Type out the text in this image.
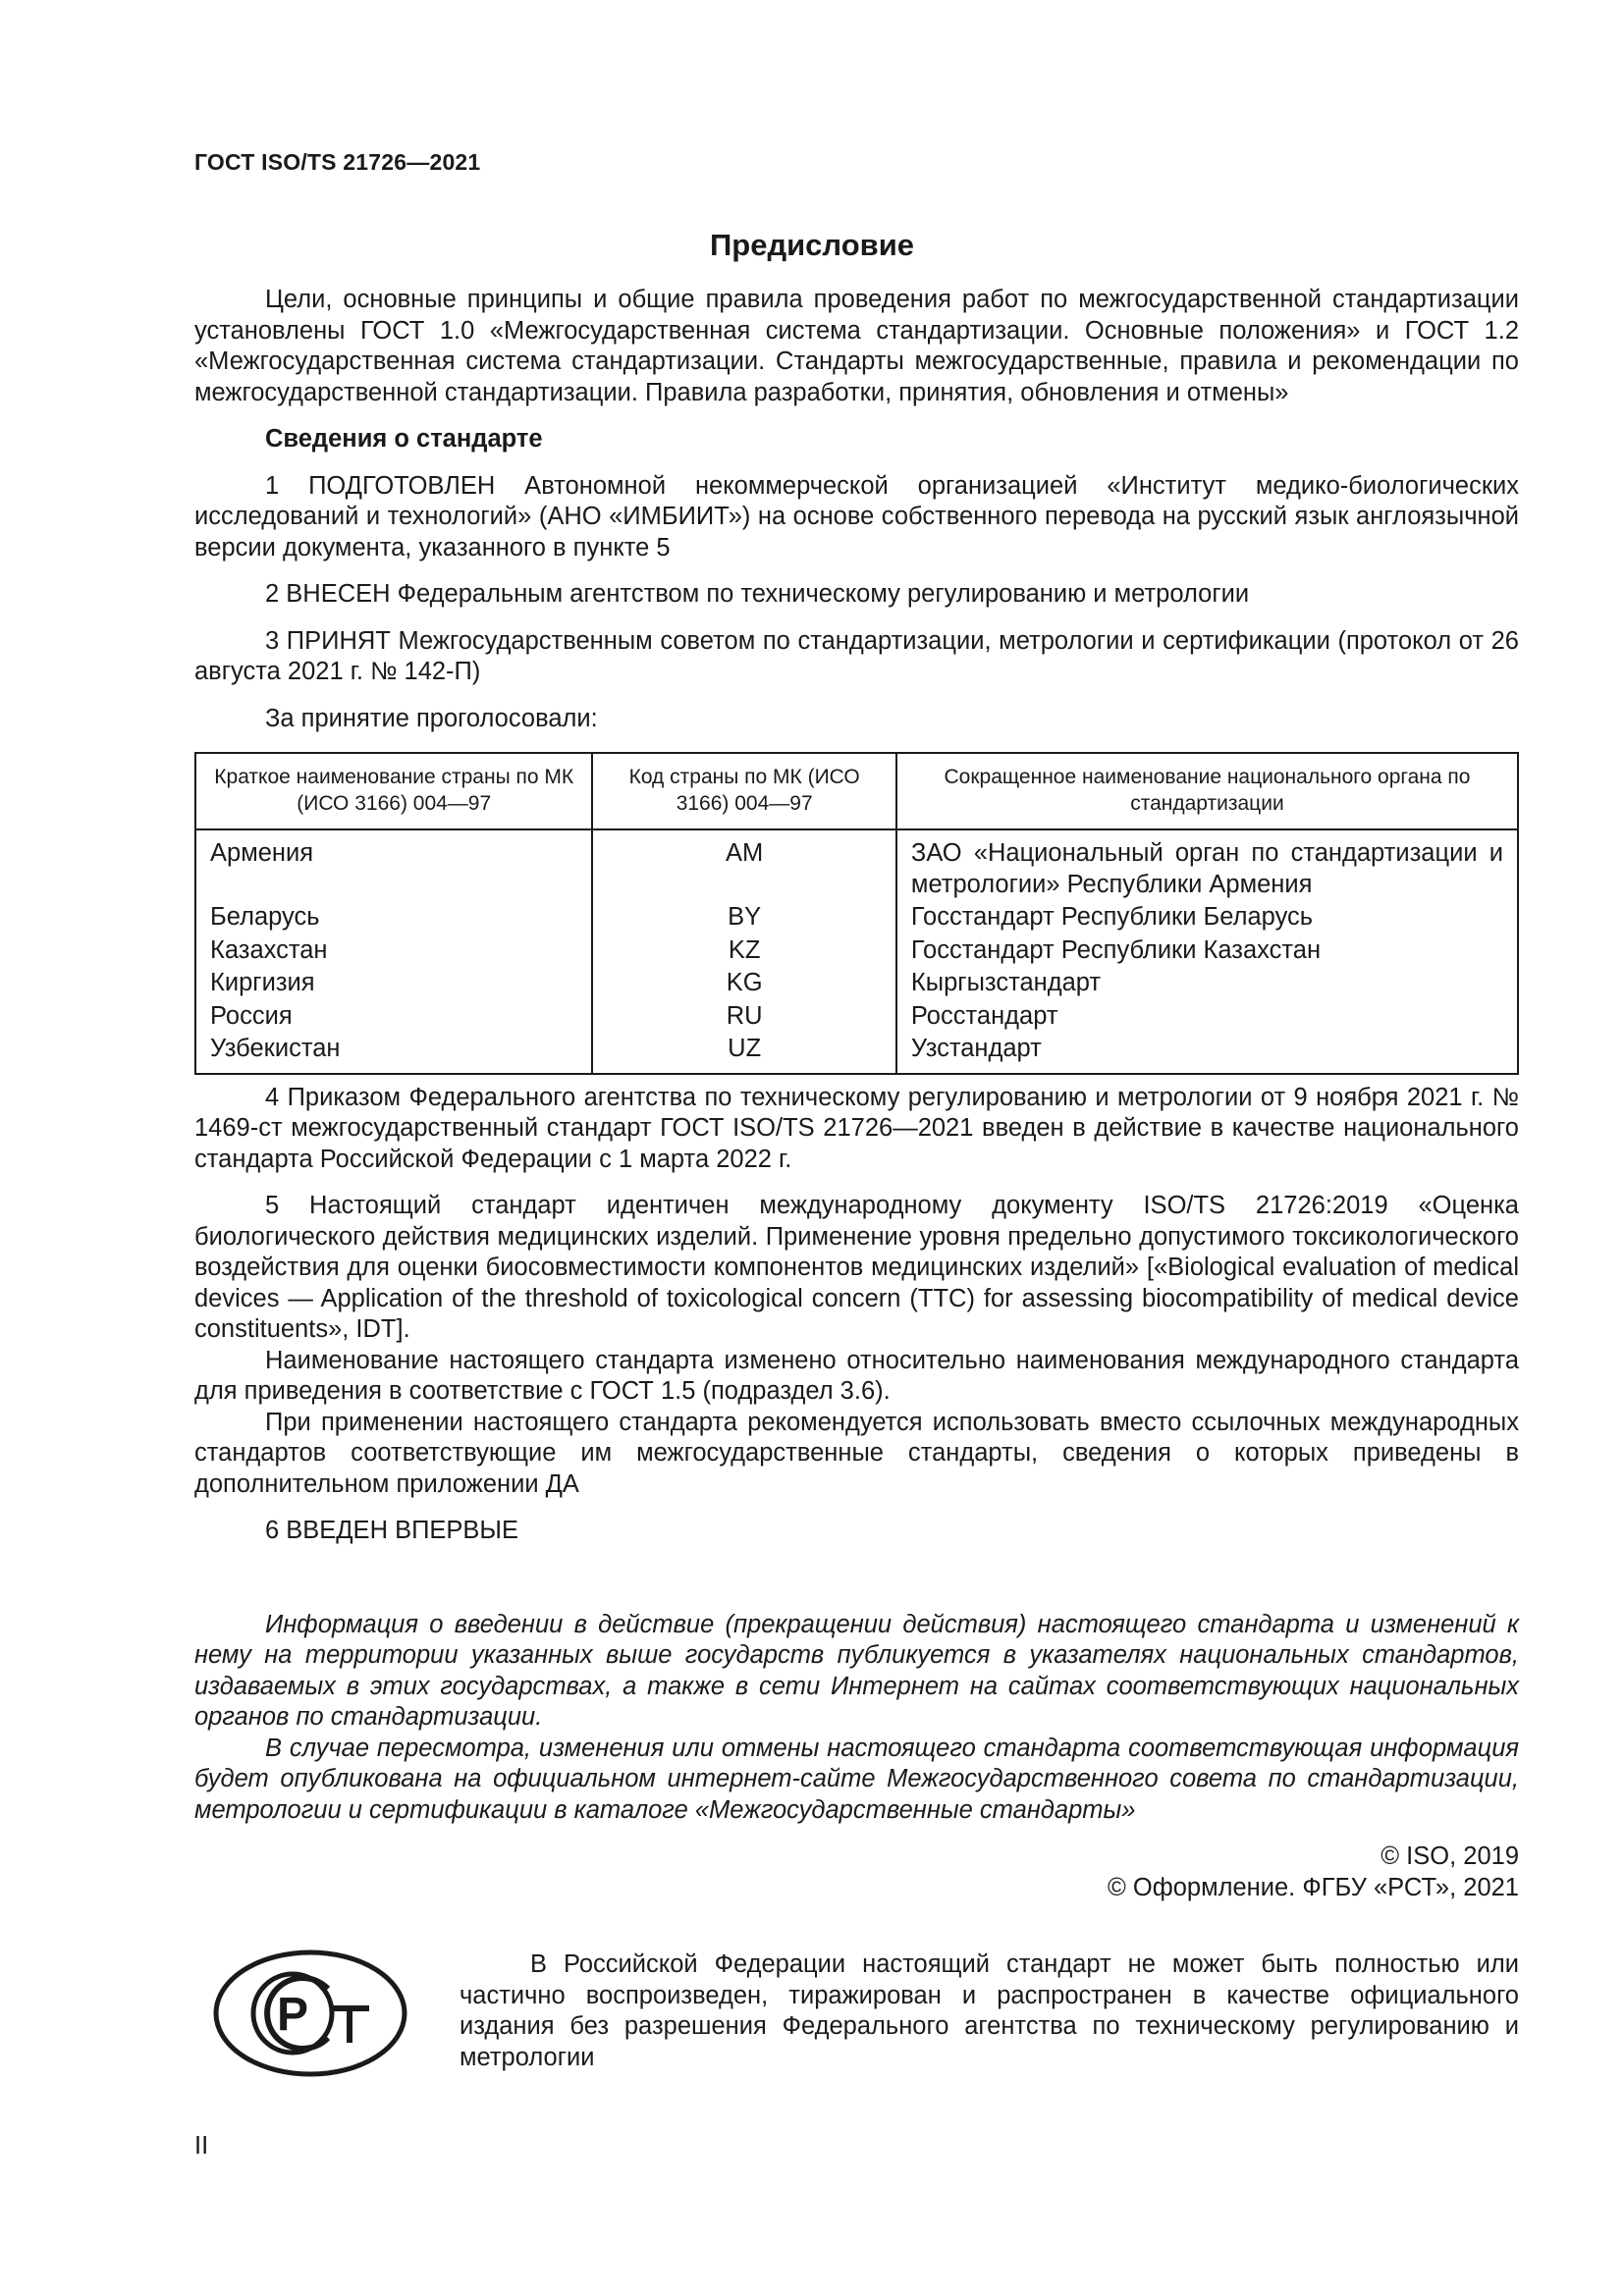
ГОСТ ISO/TS 21726—2021
Предисловие

Цели, основные принципы и общие правила проведения работ по межгосударственной стандартизации установлены ГОСТ 1.0 «Межгосударственная система стандартизации. Основные положения» и ГОСТ 1.2 «Межгосударственная система стандартизации. Стандарты межгосударственные, правила и рекомендации по межгосударственной стандартизации. Правила разработки, принятия, обновления и отмены»

Сведения о стандарте

1 ПОДГОТОВЛЕН Автономной некоммерческой организацией «Институт медико-биологических исследований и технологий» (АНО «ИМБИИТ») на основе собственного перевода на русский язык англоязычной версии документа, указанного в пункте 5

2 ВНЕСЕН Федеральным агентством по техническому регулированию и метрологии

3 ПРИНЯТ Межгосударственным советом по стандартизации, метрологии и сертификации (протокол от 26 августа 2021 г. № 142-П)

За принятие проголосовали:

Краткое наименование страны по МК (ИСО 3166) 004—97	Код страны по МК (ИСО 3166) 004—97	Сокращенное наименование национального органа по стандартизации
Армения	AM	ЗАО «Национальный орган по стандартизации и метрологии» Республики Армения
Беларусь	BY	Госстандарт Республики Беларусь
Казахстан	KZ	Госстандарт Республики Казахстан
Киргизия	KG	Кыргызстандарт
Россия	RU	Росстандарт
Узбекистан	UZ	Узстандарт

4 Приказом Федерального агентства по техническому регулированию и метрологии от 9 ноября 2021 г. № 1469-ст межгосударственный стандарт ГОСТ ISO/TS 21726—2021 введен в действие в качестве национального стандарта Российской Федерации с 1 марта 2022 г.

5 Настоящий стандарт идентичен международному документу ISO/TS 21726:2019 «Оценка биологического действия медицинских изделий. Применение уровня предельно допустимого токсикологического воздействия для оценки биосовместимости компонентов медицинских изделий» [«Biological evaluation of medical devices — Application of the threshold of toxicological concern (TTC) for assessing biocompatibility of medical device constituents», IDT].

Наименование настоящего стандарта изменено относительно наименования международного стандарта для приведения в соответствие с ГОСТ 1.5 (подраздел 3.6).

При применении настоящего стандарта рекомендуется использовать вместо ссылочных международных стандартов соответствующие им межгосударственные стандарты, сведения о которых приведены в дополнительном приложении ДА

6 ВВЕДЕН ВПЕРВЫЕ

Информация о введении в действие (прекращении действия) настоящего стандарта и изменений к нему на территории указанных выше государств публикуется в указателях национальных стандартов, издаваемых в этих государствах, а также в сети Интернет на сайтах соответствующих национальных органов по стандартизации.

В случае пересмотра, изменения или отмены настоящего стандарта соответствующая информация будет опубликована на официальном интернет-сайте Межгосударственного совета по стандартизации, метрологии и сертификации в каталоге «Межгосударственные стандарты»

© ISO, 2019
© Оформление. ФГБУ «РСТ», 2021
Р

В Российской Федерации настоящий стандарт не может быть полностью или частично воспроизведен, тиражирован и распространен в качестве официального издания без разрешения Федерального агентства по техническому регулированию и метрологии

II
